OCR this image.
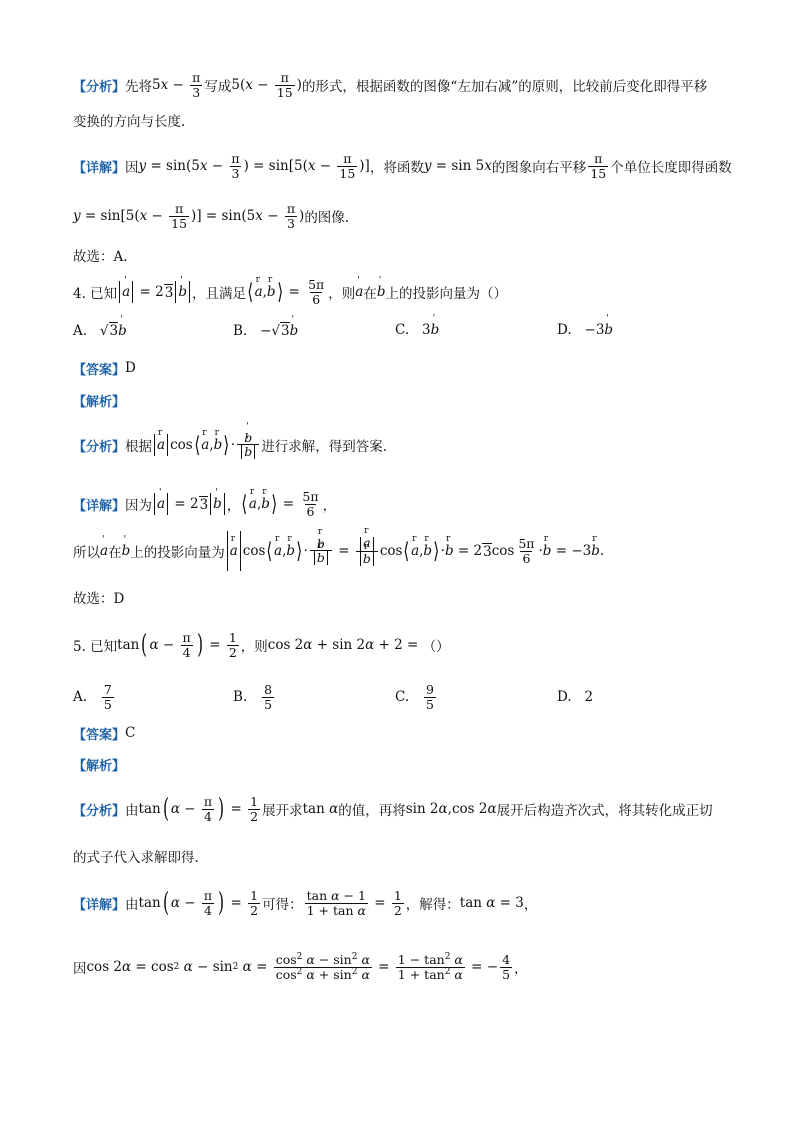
【分析】 先将 5 $x - \frac{\pi}{3}$ 写成 5( $x - \frac{\pi}{15}$ ) 的形式，根据函数的图像“左加右减”的原则，比较前后变化即得平移
变换的方向与长度.
【详解】 因 y = sin(5 $x - \frac{\pi}{3}$ ) = sin[5( $x - \frac{\pi}{15}$ )] ，将函数 y = sin 5 x 的图象向右平移 $\frac{\pi}{15}$ 个单位长度即得函数
y = sin[5( $x - \frac{\pi}{15}$ )] = sin(5 $x - \frac{\pi}{3}$ ) 的图像.
故选：A.
4. 已知
' a = 2 3
' b ，且满足 ⟨
r a ,
r b ⟩ = $\frac{5\pi}{6}$ ，则
' a 在
' b 上的投影向量为（）
A.
√ 3
' b	B.
−√ 3
' b	C.
3
' b	D.
−3
' b
【答案】 D
【解析】
【分析】 根据
r a cos ⟨
r a ,
r b ⟩ ·
' b
' b 进行求解，得到答案.
【详解】 因为
' a = 2 3
' b ， ⟨
r a ,
r b ⟩ = $\frac{5\pi}{6}$ ，
所以
' a 在
' b 上的投影向量为
r a cos ⟨
r a ,
r b ⟩ ·
r b
r b =
r a
r b cos ⟨
r a ,
r b ⟩ ·
r b = 2 3 $\cos \frac{5\pi}{6}$ ·
r b = −3
r b .
故选：D
5. 已知 tan ( $\alpha - \frac{\pi}{4}$ ) = $\frac{1}{2}$ ，则 cos 2 α + sin 2 α + 2 = （）
A.
$\frac{7}{5}$	B.
$\frac{8}{5}$	C.
$\frac{9}{5}$	D.
2
【答案】 C
【解析】
【分析】 由 tan ( $\alpha - \frac{\pi}{4}$ ) = $\frac{1}{2}$ 展开求 tan α 的值，再将 sin 2 α ,cos 2 α 展开后构造齐次式，将其转化成正切
的式子代入求解即得.
【详解】 由 tan ( $\alpha - \frac{\pi}{4}$ ) = $\frac{1}{2}$ 可得： $\frac{\text{tan α − 1}}{\text{1 + tan α}} = \frac{1}{2}$ ，解得： tan α = 3 ，
因 cos 2 α = cos 2 α − sin 2 $\alpha = \frac{\cos^2 \alpha - \sin^2 \alpha}{\cos^2 \alpha + \sin^2 \alpha} = \frac{1 - \tan^2 \alpha}{1 + \tan^2 \alpha}$ = − $\frac{4}{5}$ ，
